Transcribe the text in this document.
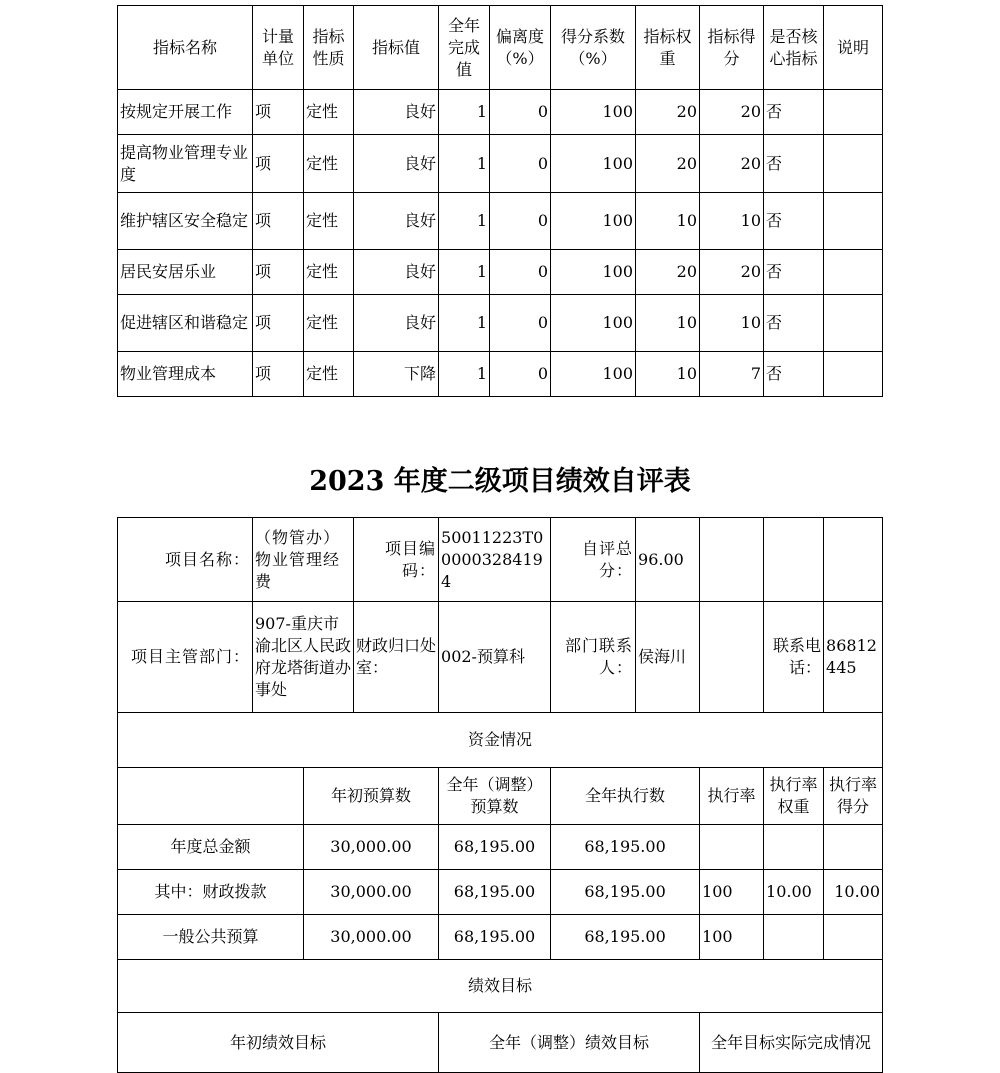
指标名称	计量单位	指标性质	指标值	全年完成值	偏离度（%）	得分系数（%）	指标权重	指标得分	是否核心指标	说明
按规定开展工作	项	定性	良好	1	0	100	20	20	否	
提高物业管理专业度	项	定性	良好	1	0	100	20	20	否	
维护辖区安全稳定	项	定性	良好	1	0	100	10	10	否	
居民安居乐业	项	定性	良好	1	0	100	20	20	否	
促进辖区和谐稳定	项	定性	良好	1	0	100	10	10	否	
物业管理成本	项	定性	下降	1	0	100	10	7	否	
2023 年度二级项目绩效自评表
项目名称：	（物管办）物业管理经费		项目编码：	50011223T000003284194	自评总分：	96.00			
项目主管部门：	907-重庆市渝北区人民政府龙塔街道办事处		财政归口处室：	002-预算科	部门联系人：	侯海川		联系电话：	86812445
资金情况									
		年初预算数		全年（调整）预算数	全年执行数		执行率	执行率权重	执行率得分
年度总金额		30,000.00		68,195.00	68,195.00				
其中：财政拨款		30,000.00		68,195.00	68,195.00		100	10.00	10.00
一般公共预算		30,000.00		68,195.00	68,195.00		100		
绩效目标									
年初绩效目标				全年（调整）绩效目标			全年目标实际完成情况		
